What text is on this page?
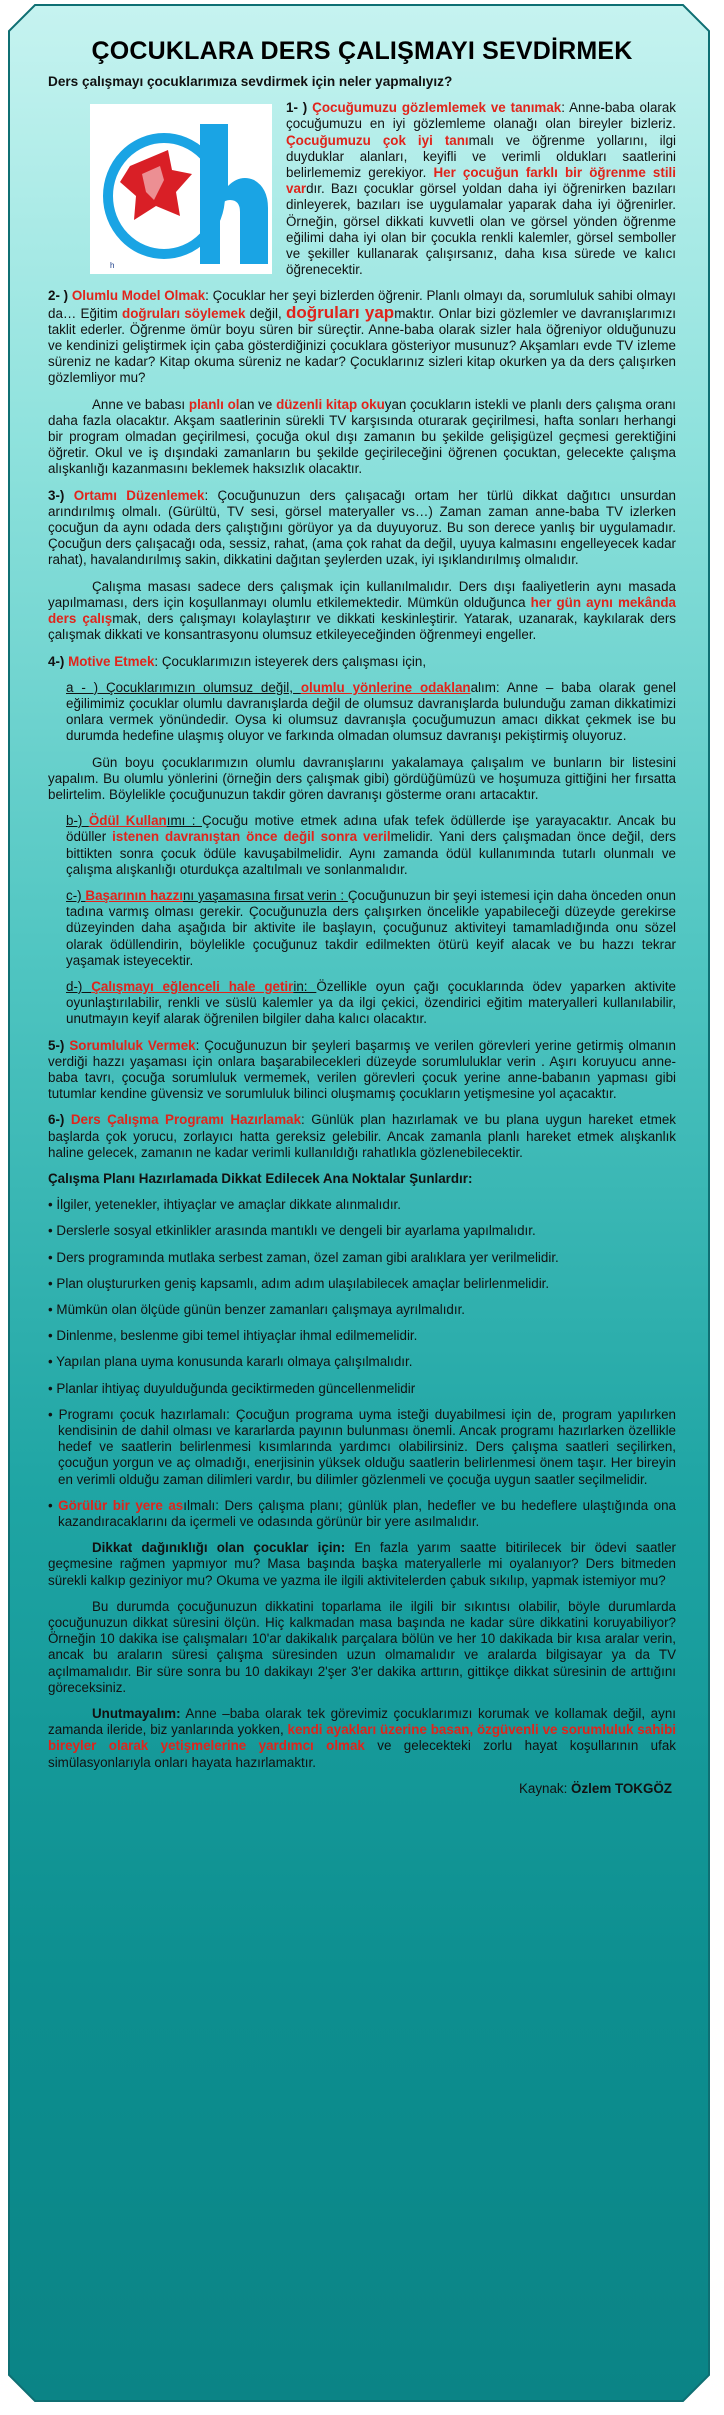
ÇOCUKLARA DERS ÇALIŞMAYI SEVDİRMEK
Ders çalışmayı çocuklarımıza sevdirmek için neler yapmalıyız?
h

1- ) Çocuğumuzu gözlemlemek ve tanımak: Anne-baba olarak çocuğumuzu en iyi gözlemleme olanağı olan bireyler bizleriz. Çocuğumuzu çok iyi tanımalı ve öğrenme yollarını, ilgi duyduklar alanları, keyifli ve verimli oldukları saatlerini belirlememiz gerekiyor. Her çocuğun farklı bir öğrenme stili vardır. Bazı çocuklar görsel yoldan daha iyi öğrenirken bazıları dinleyerek, bazıları ise uygulamalar yaparak daha iyi öğrenirler. Örneğin, görsel dikkati kuvvetli olan ve görsel yönden öğrenme eğilimi daha iyi olan bir çocukla renkli kalemler, görsel semboller ve şekiller kullanarak çalışırsanız, daha kısa sürede ve kalıcı öğrenecektir.

2- ) Olumlu Model Olmak: Çocuklar her şeyi bizlerden öğrenir. Planlı olmayı da, sorumluluk sahibi olmayı da… Eğitim doğruları söylemek değil, doğruları yapmaktır. Onlar bizi gözlemler ve davranışlarımızı taklit ederler. Öğrenme ömür boyu süren bir süreçtir. Anne-baba olarak sizler hala öğreniyor olduğunuzu ve kendinizi geliştirmek için çaba gösterdiğinizi çocuklara gösteriyor musunuz? Akşamları evde TV izleme süreniz ne kadar? Kitap okuma süreniz ne kadar? Çocuklarınız sizleri kitap okurken ya da ders çalışırken gözlemliyor mu?

Anne ve babası planlı olan ve düzenli kitap okuyan çocukların istekli ve planlı ders çalışma oranı daha fazla olacaktır. Akşam saatlerinin sürekli TV karşısında oturarak geçirilmesi, hafta sonları herhangi bir program olmadan geçirilmesi, çocuğa okul dışı zamanın bu şekilde gelişigüzel geçmesi gerektiğini öğretir. Okul ve iş dışındaki zamanların bu şekilde geçirileceğini öğrenen çocuktan, gelecekte çalışma alışkanlığı kazanmasını beklemek haksızlık olacaktır.

3-) Ortamı Düzenlemek: Çocuğunuzun ders çalışacağı ortam her türlü dikkat dağıtıcı unsurdan arındırılmış olmalı. (Gürültü, TV sesi, görsel materyaller vs…) Zaman zaman anne-baba TV izlerken çocuğun da aynı odada ders çalıştığını görüyor ya da duyuyoruz. Bu son derece yanlış bir uygulamadır. Çocuğun ders çalışacağı oda, sessiz, rahat, (ama çok rahat da değil, uyuya kalmasını engelleyecek kadar rahat), havalandırılmış sakin, dikkatini dağıtan şeylerden uzak, iyi ışıklandırılmış olmalıdır.

Çalışma masası sadece ders çalışmak için kullanılmalıdır. Ders dışı faaliyetlerin aynı masada yapılmaması, ders için koşullanmayı olumlu etkilemektedir. Mümkün olduğunca her gün aynı mekânda ders çalışmak, ders çalışmayı kolaylaştırır ve dikkati keskinleştirir. Yatarak, uzanarak, kaykılarak ders çalışmak dikkati ve konsantrasyonu olumsuz etkileyeceğinden öğrenmeyi engeller.

4-) Motive Etmek: Çocuklarımızın isteyerek ders çalışması için,

a - ) Çocuklarımızın olumsuz değil, olumlu yönlerine odaklanalım: Anne – baba olarak genel eğilimimiz çocuklar olumlu davranışlarda değil de olumsuz davranışlarda bulunduğu zaman dikkatimizi onlara vermek yönündedir. Oysa ki olumsuz davranışla çocuğumuzun amacı dikkat çekmek ise bu durumda hedefine ulaşmış oluyor ve farkında olmadan olumsuz davranışı pekiştirmiş oluyoruz.

Gün boyu çocuklarımızın olumlu davranışlarını yakalamaya çalışalım ve bunların bir listesini yapalım. Bu olumlu yönlerini (örneğin ders çalışmak gibi) gördüğümüzü ve hoşumuza gittiğini her fırsatta belirtelim. Böylelikle çocuğunuzun takdir gören davranışı gösterme oranı artacaktır.

b-) Ödül Kullanımı : Çocuğu motive etmek adına ufak tefek ödüllerde işe yarayacaktır. Ancak bu ödüller istenen davranıştan önce değil sonra verilmelidir. Yani ders çalışmadan önce değil, ders bittikten sonra çocuk ödüle kavuşabilmelidir. Aynı zamanda ödül kullanımında tutarlı olunmalı ve çalışma alışkanlığı oturdukça azaltılmalı ve sonlanmalıdır.

c-) Başarının hazzını yaşamasına fırsat verin : Çocuğunuzun bir şeyi istemesi için daha önceden onun tadına varmış olması gerekir. Çocuğunuzla ders çalışırken öncelikle yapabileceği düzeyde gerekirse düzeyinden daha aşağıda bir aktivite ile başlayın, çocuğunuz aktiviteyi tamamladığında onu sözel olarak ödüllendirin, böylelikle çocuğunuz takdir edilmekten ötürü keyif alacak ve bu hazzı tekrar yaşamak isteyecektir.

d-) Çalışmayı eğlenceli hale getirin: Özellikle oyun çağı çocuklarında ödev yaparken aktivite oyunlaştırılabilir, renkli ve süslü kalemler ya da ilgi çekici, özendirici eğitim materyalleri kullanılabilir, unutmayın keyif alarak öğrenilen bilgiler daha kalıcı olacaktır.

5-) Sorumluluk Vermek: Çocuğunuzun bir şeyleri başarmış ve verilen görevleri yerine getirmiş olmanın verdiği hazzı yaşaması için onlara başarabilecekleri düzeyde sorumluluklar verin . Aşırı koruyucu anne-baba tavrı, çocuğa sorumluluk vermemek, verilen görevleri çocuk yerine anne-babanın yapması gibi tutumlar kendine güvensiz ve sorumluluk bilinci oluşmamış çocukların yetişmesine yol açacaktır.

6-) Ders Çalışma Programı Hazırlamak: Günlük plan hazırlamak ve bu plana uygun hareket etmek başlarda çok yorucu, zorlayıcı hatta gereksiz gelebilir. Ancak zamanla planlı hareket etmek alışkanlık haline gelecek, zamanın ne kadar verimli kullanıldığı rahatlıkla gözlenebilecektir.

Çalışma Planı Hazırlamada Dikkat Edilecek Ana Noktalar Şunlardır:

• İlgiler, yetenekler, ihtiyaçlar ve amaçlar dikkate alınmalıdır.
• Derslerle sosyal etkinlikler arasında mantıklı ve dengeli bir ayarlama yapılmalıdır.
• Ders programında mutlaka serbest zaman, özel zaman gibi aralıklara yer verilmelidir.
• Plan oluştururken geniş kapsamlı, adım adım ulaşılabilecek amaçlar belirlenmelidir.
• Mümkün olan ölçüde günün benzer zamanları çalışmaya ayrılmalıdır.
• Dinlenme, beslenme gibi temel ihtiyaçlar ihmal edilmemelidir.
• Yapılan plana uyma konusunda kararlı olmaya çalışılmalıdır.
• Planlar ihtiyaç duyulduğunda geciktirmeden güncellenmelidir
• Programı çocuk hazırlamalı: Çocuğun programa uyma isteği duyabilmesi için de, program yapılırken kendisinin de dahil olması ve kararlarda payının bulunması önemli. Ancak programı hazırlarken özellikle hedef ve saatlerin belirlenmesi kısımlarında yardımcı olabilirsiniz. Ders çalışma saatleri seçilirken, çocuğun yorgun ve aç olmadığı, enerjisinin yüksek olduğu saatlerin belirlenmesi önem taşır. Her bireyin en verimli olduğu zaman dilimleri vardır, bu dilimler gözlenmeli ve çocuğa uygun saatler seçilmelidir.
• Görülür bir yere asılmalı: Ders çalışma planı; günlük plan, hedefler ve bu hedeflere ulaştığında ona kazandıracaklarını da içermeli ve odasında görünür bir yere asılmalıdır.

Dikkat dağınıklığı olan çocuklar için: En fazla yarım saatte bitirilecek bir ödevi saatler geçmesine rağmen yapmıyor mu? Masa başında başka materyallerle mi oyalanıyor? Ders bitmeden sürekli kalkıp geziniyor mu? Okuma ve yazma ile ilgili aktivitelerden çabuk sıkılıp, yapmak istemiyor mu?

Bu durumda çocuğunuzun dikkatini toparlama ile ilgili bir sıkıntısı olabilir, böyle durumlarda çocuğunuzun dikkat süresini ölçün. Hiç kalkmadan masa başında ne kadar süre dikkatini koruyabiliyor? Örneğin 10 dakika ise çalışmaları 10'ar dakikalık parçalara bölün ve her 10 dakikada bir kısa aralar verin, ancak bu araların süresi çalışma süresinden uzun olmamalıdır ve aralarda bilgisayar ya da TV açılmamalıdır. Bir süre sonra bu 10 dakikayı 2'şer 3'er dakika arttırın, gittikçe dikkat süresinin de arttığını göreceksiniz.

Unutmayalım: Anne –baba olarak tek görevimiz çocuklarımızı korumak ve kollamak değil, aynı zamanda ileride, biz yanlarında yokken, kendi ayakları üzerine basan, özgüvenli ve sorumluluk sahibi bireyler olarak yetişmelerine yardımcı olmak ve gelecekteki zorlu hayat koşullarının ufak simülasyonlarıyla onları hayata hazırlamaktır.

Kaynak: Özlem TOKGÖZ
